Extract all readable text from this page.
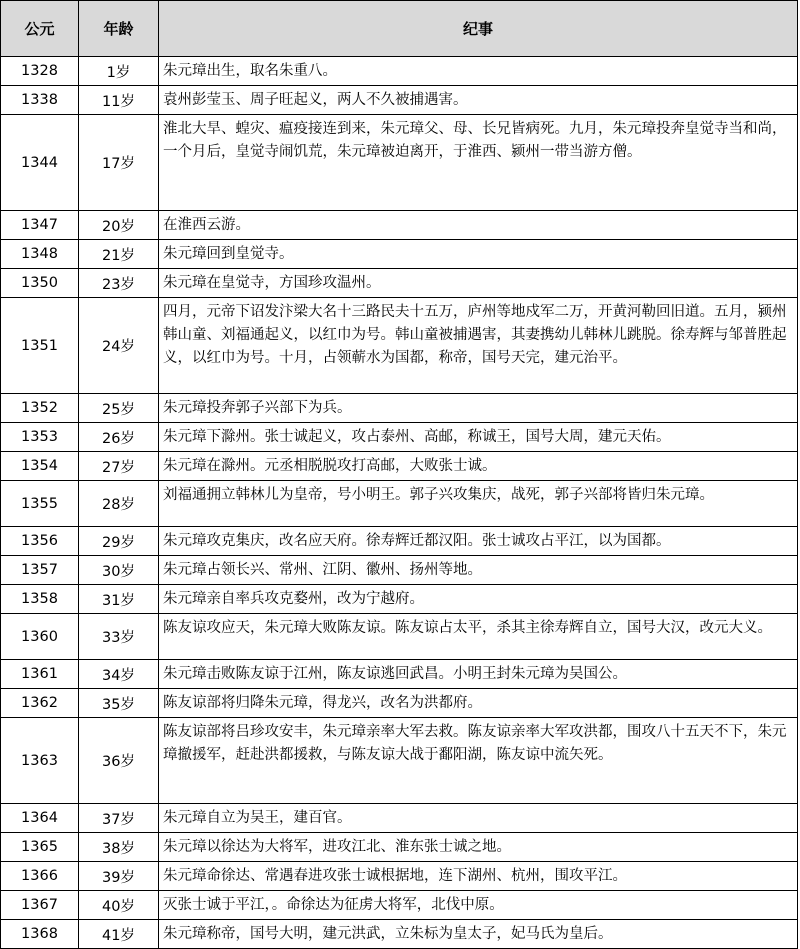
公元	年龄	纪事
1328	1岁	朱元璋出生，取名朱重八。
1338	11岁	袁州彭莹玉、周子旺起义，两人不久被捕遇害。
1344	17岁	淮北大旱、蝗灾、瘟疫接连到来，朱元璋父、母、长兄皆病死。九月，朱元璋投奔皇觉寺当和尚，一个月后，皇觉寺闹饥荒，朱元璋被迫离开，于淮西、颍州一带当游方僧。
1347	20岁	在淮西云游。
1348	21岁	朱元璋回到皇觉寺。
1350	23岁	朱元璋在皇觉寺，方国珍攻温州。
1351	24岁	四月，元帝下诏发汴梁大名十三路民夫十五万，庐州等地戍军二万，开黄河勒回旧道。五月，颍州韩山童、刘福通起义，以红巾为号。韩山童被捕遇害，其妻携幼儿韩林儿跳脱。徐寿辉与邹普胜起义，以红巾为号。十月，占领蕲水为国都，称帝，国号天完，建元治平。
1352	25岁	朱元璋投奔郭子兴部下为兵。
1353	26岁	朱元璋下滁州。张士诚起义，攻占泰州、高邮，称诚王，国号大周，建元天佑。
1354	27岁	朱元璋在滁州。元丞相脱脱攻打高邮，大败张士诚。
1355	28岁	刘福通拥立韩林儿为皇帝，号小明王。郭子兴攻集庆，战死，郭子兴部将皆归朱元璋。
1356	29岁	朱元璋攻克集庆，改名应天府。徐寿辉迁都汉阳。张士诚攻占平江，以为国都。
1357	30岁	朱元璋占领长兴、常州、江阴、徽州、扬州等地。
1358	31岁	朱元璋亲自率兵攻克婺州，改为宁越府。
1360	33岁	陈友谅攻应天，朱元璋大败陈友谅。陈友谅占太平，杀其主徐寿辉自立，国号大汉，改元大义。
1361	34岁	朱元璋击败陈友谅于江州，陈友谅逃回武昌。小明王封朱元璋为吴国公。
1362	35岁	陈友谅部将归降朱元璋，得龙兴，改名为洪都府。
1363	36岁	陈友谅部将吕珍攻安丰，朱元璋亲率大军去救。陈友谅亲率大军攻洪都，围攻八十五天不下，朱元璋撤援军，赶赴洪都援救，与陈友谅大战于鄱阳湖，陈友谅中流矢死。
1364	37岁	朱元璋自立为吴王，建百官。
1365	38岁	朱元璋以徐达为大将军，进攻江北、淮东张士诚之地。
1366	39岁	朱元璋命徐达、常遇春进攻张士诚根据地，连下湖州、杭州，围攻平江。
1367	40岁	灭张士诚于平江，。命徐达为征虏大将军，北伐中原。
1368	41岁	朱元璋称帝，国号大明，建元洪武，立朱标为皇太子，妃马氏为皇后。
